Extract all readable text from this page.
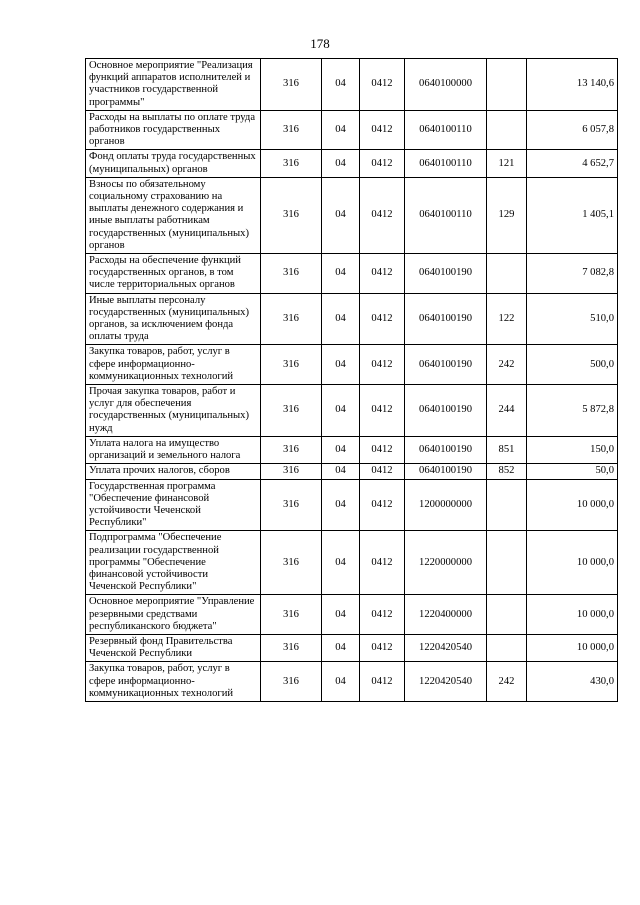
178
Основное мероприятие "Реализация функций аппаратов исполнителей и участников государственной программы"	316	04	0412	0640100000		13 140,6
Расходы на выплаты по оплате труда работников государственных органов	316	04	0412	0640100110		6 057,8
Фонд оплаты труда государственных (муниципальных) органов	316	04	0412	0640100110	121	4 652,7
Взносы по обязательному социальному страхованию на выплаты денежного содержания и иные выплаты работникам государственных (муниципальных) органов	316	04	0412	0640100110	129	1 405,1
Расходы на обеспечение функций государственных органов, в том числе территориальных органов	316	04	0412	0640100190		7 082,8
Иные выплаты персоналу государственных (муниципальных) органов, за исключением фонда оплаты труда	316	04	0412	0640100190	122	510,0
Закупка товаров, работ, услуг в сфере информационно-коммуникационных технологий	316	04	0412	0640100190	242	500,0
Прочая закупка товаров, работ и услуг для обеспечения государственных (муниципальных) нужд	316	04	0412	0640100190	244	5 872,8
Уплата налога на имущество организаций и земельного налога	316	04	0412	0640100190	851	150,0
Уплата прочих налогов, сборов	316	04	0412	0640100190	852	50,0
Государственная программа "Обеспечение финансовой устойчивости Чеченской Республики"	316	04	0412	1200000000		10 000,0
Подпрограмма "Обеспечение реализации государственной программы "Обеспечение финансовой устойчивости Чеченской Республики"	316	04	0412	1220000000		10 000,0
Основное мероприятие "Управление резервными средствами республиканского бюджета"	316	04	0412	1220400000		10 000,0
Резервный фонд Правительства Чеченской Республики	316	04	0412	1220420540		10 000,0
Закупка товаров, работ, услуг в сфере информационно-коммуникационных технологий	316	04	0412	1220420540	242	430,0
